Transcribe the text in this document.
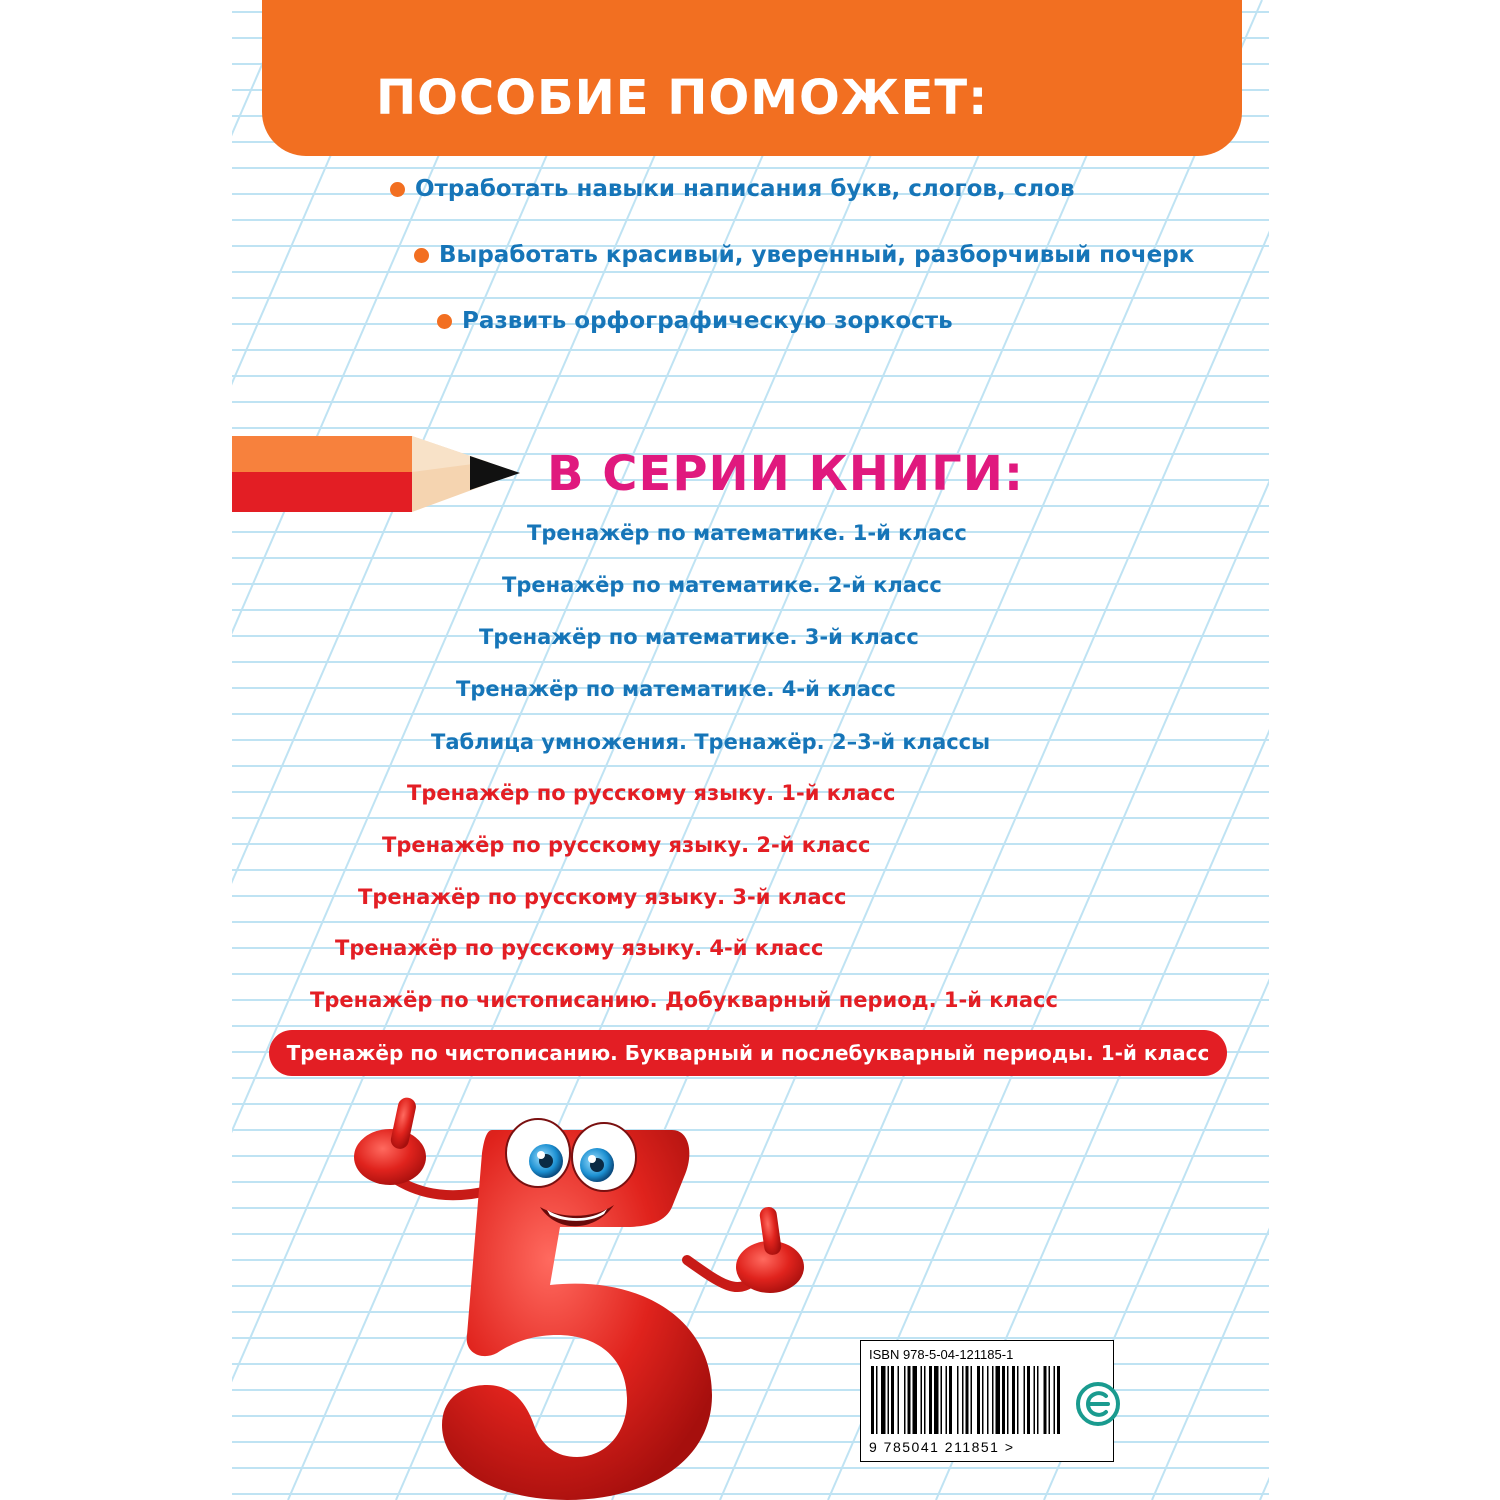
ПОСОБИЕ ПОМОЖЕТ:
Отработать навыки написания букв, слогов, слов
Выработать красивый, уверенный, разборчивый почерк
Развить орфографическую зоркость
В СЕРИИ КНИГИ:
Тренажёр по математике. 1-й класс
Тренажёр по математике. 2-й класс
Тренажёр по математике. 3-й класс
Тренажёр по математике. 4-й класс
Таблица умножения. Тренажёр. 2–3-й классы
Тренажёр по русскому языку. 1-й класс
Тренажёр по русскому языку. 2-й класс
Тренажёр по русскому языку. 3-й класс
Тренажёр по русскому языку. 4-й класс
Тренажёр по чистописанию. Добукварный период. 1-й класс
Тренажёр по чистописанию. Букварный и послебукварный периоды. 1-й класс
ISBN 978-5-04-121185-1
9 785041 211851 >
